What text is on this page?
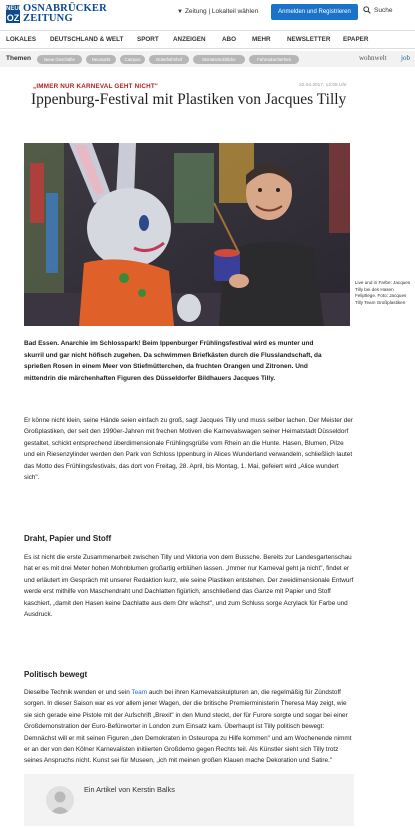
NEUE
OZ
OSNABRÜCKER
ZEITUNG
▼ Zeitung | Lokalteil wählen	Anmelden und Registrieren	Suche
LOKALES DEUTSCHLAND & WELT SPORT ANZEIGEN	ABO	MEHR	NEWSLETTER EPAPER
Themen	Neue Geschäfte	Neumarkt	Campus	Güterbahnhof	Monatsrückblicke	Fahrradsicherheit	wohnwelt job
„IMMER NUR KARNEVAL GEHT NICHT"	22.04.2017, 12:05 Uhr
Ippenburg-Festival mit Plastiken von Jacques Tilly
Live und in Farbe: Jacques Tilly bei des Hasen Feliptlege. Foto: Jacques Tilly Team Großplastiken

Bad Essen. Anarchie im Schlosspark! Beim Ippenburger Frühlingsfestival wird es munter und skurril und gar nicht höfisch zugehen. Da schwimmen Briefkästen durch die Flusslandschaft, da sprießen Rosen in einem Meer von Stiefmütterchen, da fruchten Orangen und Zitronen. Und mittendrin die märchenhaften Figuren des Düsseldorfer Bildhauers Jacques Tilly.

Er könne nicht klein, seine Hände seien einfach zu groß, sagt Jacques Tilly und muss selber lachen. Der Meister der Großplastiken, der seit den 1990er-Jahren mit frechen Motiven die Karnevalswagen seiner Heimatstadt Düsseldorf gestaltet, schickt entsprechend überdimensionale Frühlingsgrüße vom Rhein an die Hunte. Hasen, Blumen, Pilze und ein Riesenzylinder werden den Park von Schloss Ippenburg in Alices Wunderland verwandeln, schließlich lautet das Motto des Frühlingsfestivals, das dort von Freitag, 28. April, bis Montag, 1. Mai, gefeiert wird „Alice wundert sich".

Draht, Papier und Stoff

Es ist nicht die erste Zusammenarbeit zwischen Tilly und Viktoria von dem Bussche. Bereits zur Landesgartenschau hat er es mit drei Meter hohen Mohnblumen großartig erblühen lassen. „Immer nur Karneval geht ja nicht", findet er und erläutert im Gespräch mit unserer Redaktion kurz, wie seine Plastiken entstehen. Der zweidimensionale Entwurf werde erst mithilfe von Maschendraht und Dachlatten figürlich, anschließend das Ganze mit Papier und Stoff kaschiert, „damit den Hasen keine Dachlatte aus dem Ohr wächst", und zum Schluss sorge Acrylack für Farbe und Ausdruck.

Politisch bewegt

Dieselbe Technik wenden er und sein Team auch bei ihren Karnevalsskulpturen an, die regelmäßig für Zündstoff sorgen. In dieser Saison war es vor allem jener Wagen, der die britische Premierministerin Theresa May zeigt, wie sie sich gerade eine Pistole mit der Aufschrift „Brexit" in den Mund steckt, der für Furore sorgte und sogar bei einer Großdemonstration der Euro-Befürworter in London zum Einsatz kam. Überhaupt ist Tilly politisch bewegt: Demnächst will er mit seinen Figuren „den Demokraten in Osteuropa zu Hilfe kommen" und am Wochenende nimmt er an der von den Kölner Karnevalisten initiierten Großdemo gegen Rechts teil. Als Künstler sieht sich Tilly trotz seines Anspruchs nicht. Kunst sei für Museen, „ich mit meinen großen Klauen mache Dekoration und Satire."

Ein Artikel von Kerstin Balks
